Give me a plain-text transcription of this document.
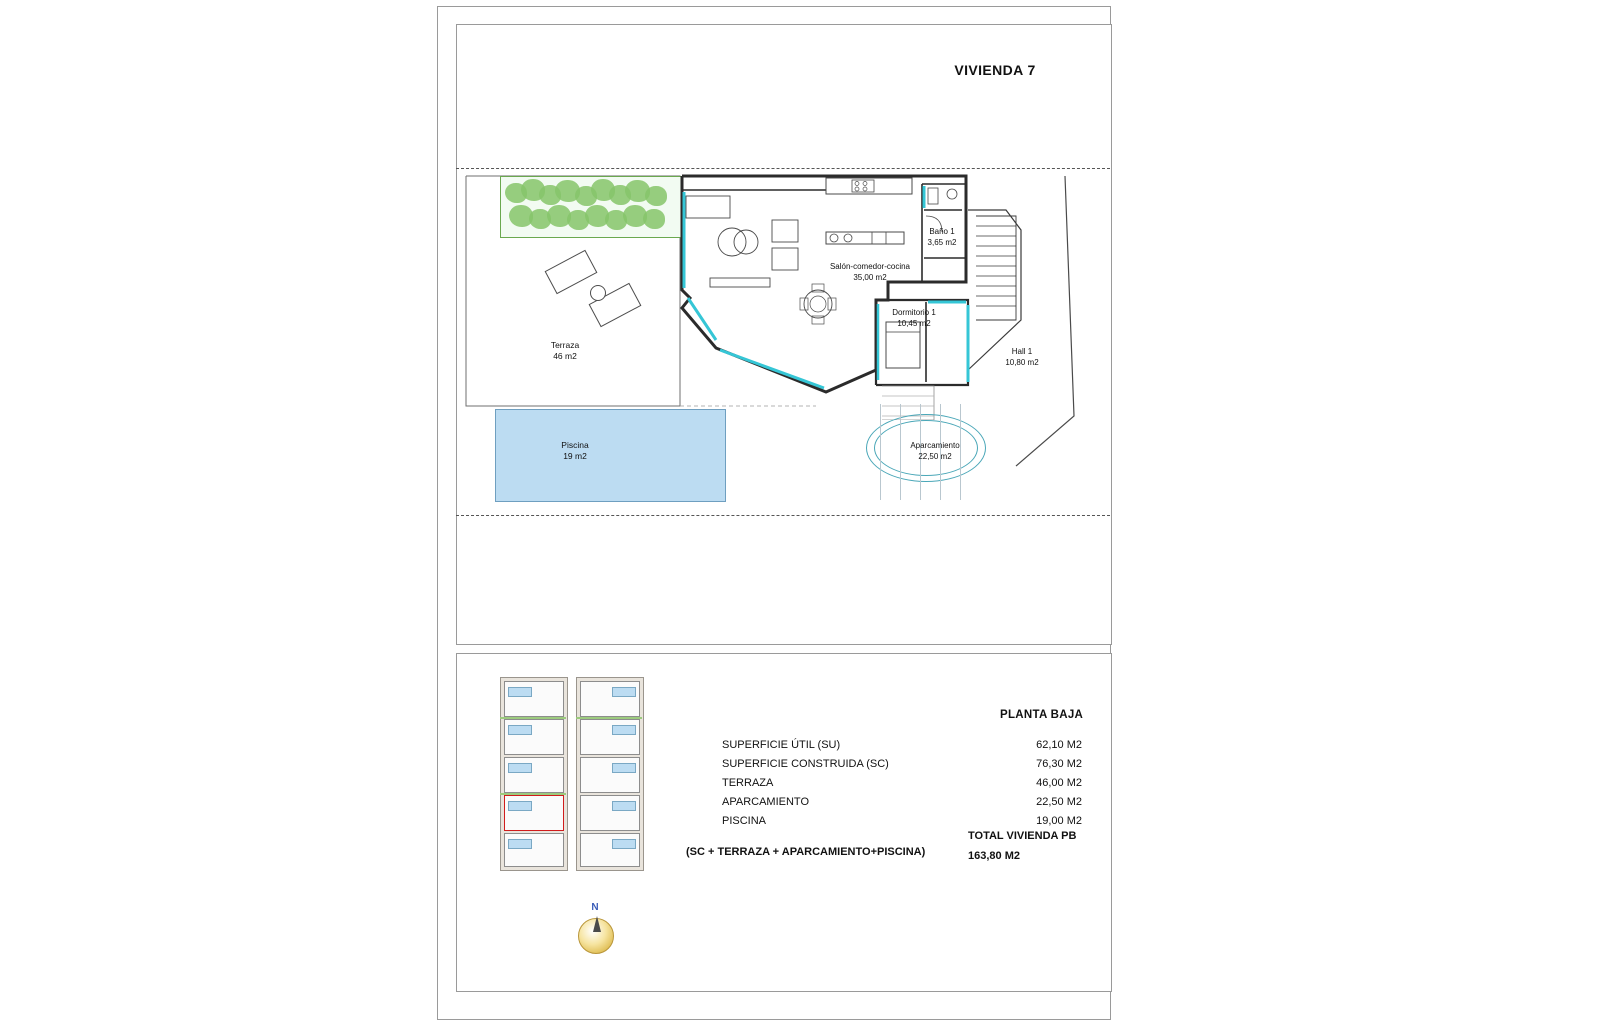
VIVIENDA 7
Terraza
46 m2
Piscina
19 m2
Salón-comedor-cocina
35,00 m2
Baño 1
3,65 m2
Dormitorio 1
10,45 m2
Hall 1
10,80 m2
Aparcamiento
22,50 m2
PLANTA BAJA
SUPERFICIE ÚTIL (SU)	62,10 M2
SUPERFICIE CONSTRUIDA (SC)	76,30 M2
TERRAZA	46,00 M2
APARCAMIENTO	22,50 M2
PISCINA	19,00 M2
(SC + TERRAZA + APARCAMIENTO+PISCINA)
TOTAL VIVIENDA PB
163,80 M2
N
